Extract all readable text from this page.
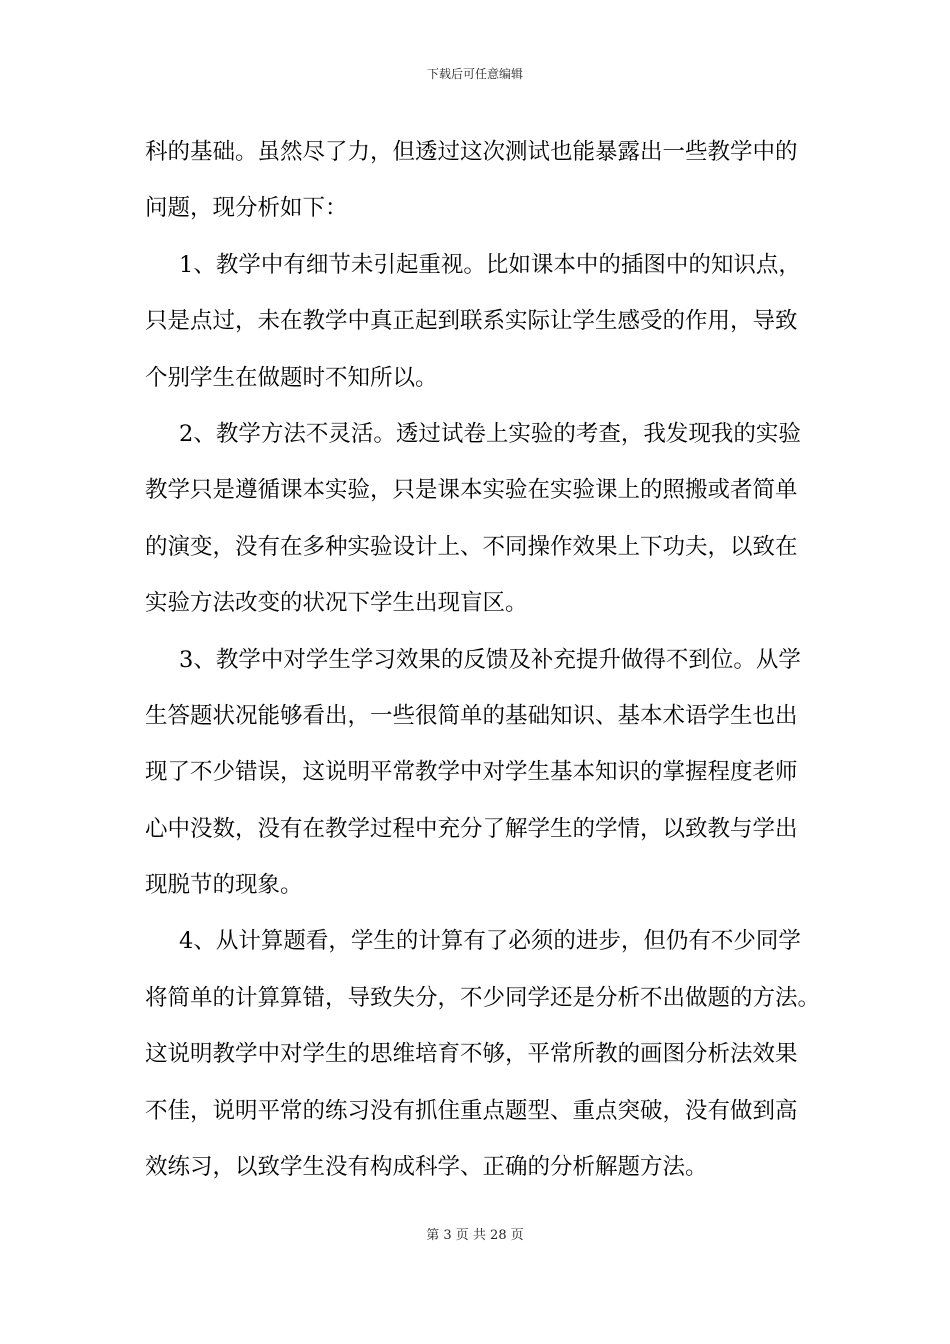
下载后可任意编辑
科的基础。虽然尽了力，但透过这次测试也能暴露出一些教学中的
问题，现分析如下：
1、教学中有细节未引起重视。比如课本中的插图中的知识点，
只是点过，未在教学中真正起到联系实际让学生感受的作用，导致
个别学生在做题时不知所以。
2、教学方法不灵活。透过试卷上实验的考查，我发现我的实验
教学只是遵循课本实验，只是课本实验在实验课上的照搬或者简单
的演变，没有在多种实验设计上、不同操作效果上下功夫，以致在
实验方法改变的状况下学生出现盲区。
3、教学中对学生学习效果的反馈及补充提升做得不到位。从学
生答题状况能够看出，一些很简单的基础知识、基本术语学生也出
现了不少错误，这说明平常教学中对学生基本知识的掌握程度老师
心中没数，没有在教学过程中充分了解学生的学情，以致教与学出
现脱节的现象。
4、从计算题看，学生的计算有了必须的进步，但仍有不少同学
将简单的计算算错，导致失分，不少同学还是分析不出做题的方法。
这说明教学中对学生的思维培育不够，平常所教的画图分析法效果
不佳，说明平常的练习没有抓住重点题型、重点突破，没有做到高
效练习，以致学生没有构成科学、正确的分析解题方法。
第 3 页 共 28 页
